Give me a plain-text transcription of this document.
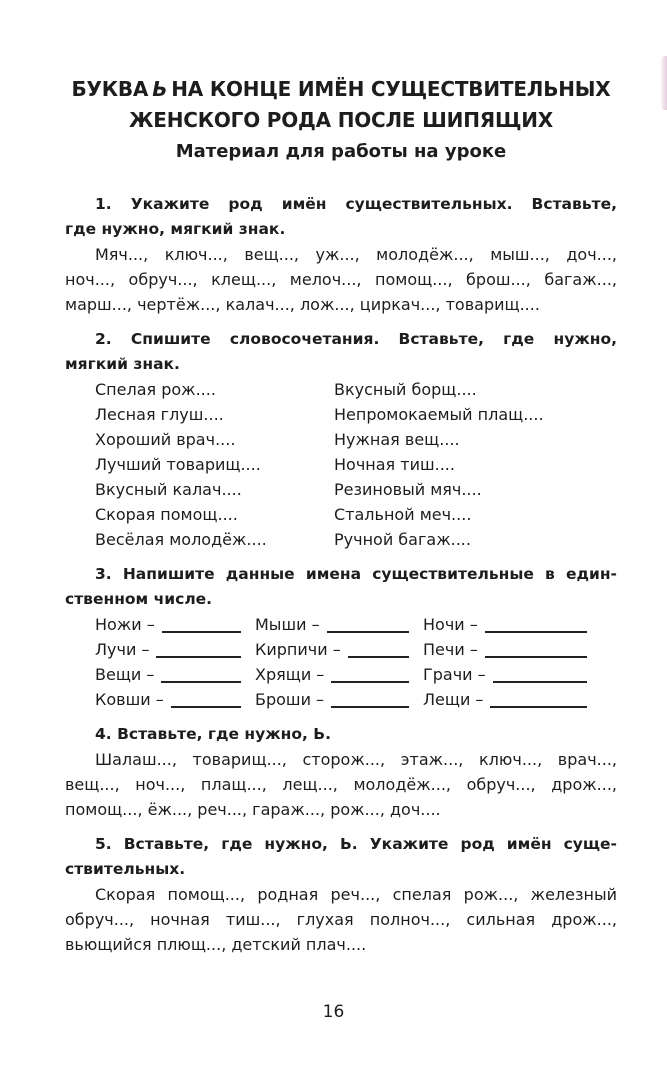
БУКВА Ь НА КОНЦЕ ИМЁН СУЩЕСТВИТЕЛЬНЫХ
ЖЕНСКОГО РОДА ПОСЛЕ ШИПЯЩИХ
Материал для работы на уроке
1. Укажите род имён существительных. Вставьте,
где нужно, мягкий знак.
Мяч..., ключ..., вещ..., уж..., молодёж..., мыш..., доч...,
ноч..., обруч..., клещ..., мелоч..., помощ..., брош..., багаж...,
марш..., чертёж..., калач..., лож..., циркач..., товарищ....
2. Спишите словосочетания. Вставьте, где нужно,
мягкий знак.
Спелая рож....	Вкусный борщ....
Лесная глуш....	Непромокаемый плащ....
Хороший врач....	Нужная вещ....
Лучший товарищ....	Ночная тиш....
Вкусный калач....	Резиновый мяч....
Скорая помощ....	Стальной меч....
Весёлая молодёж....	Ручной багаж....
3. Напишите данные имена существительные в един-
ственном числе.
Ножи –	Мыши –	Ночи –
Лучи –	Кирпичи –	Печи –
Вещи –	Хрящи –	Грачи –
Ковши –	Броши –	Лещи –
4. Вставьте, где нужно, Ь.
Шалаш..., товарищ..., сторож..., этаж..., ключ..., врач...,
вещ..., ноч..., плащ..., лещ..., молодёж..., обруч..., дрож...,
помощ..., ёж..., реч..., гараж..., рож..., доч....
5. Вставьте, где нужно, Ь. Укажите род имён суще-
ствительных.
Скорая помощ..., родная реч..., спелая рож..., железный
обруч..., ночная тиш..., глухая полноч..., сильная дрож...,
вьющийся плющ..., детский плач....
16
